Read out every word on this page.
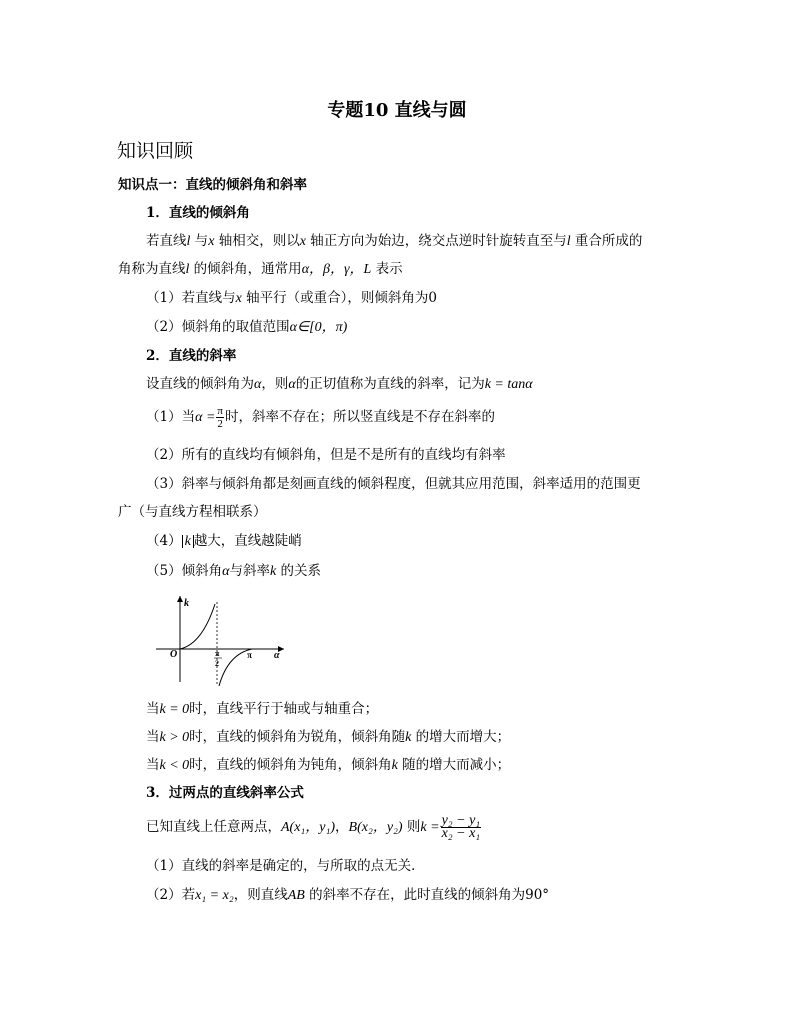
专题10 直线与圆
知识回顾
知识点一：直线的倾斜角和斜率
1．直线的倾斜角
若直线l 与x 轴相交，则以x 轴正方向为始边，绕交点逆时针旋转直至与l 重合所成的
角称为直线l 的倾斜角，通常用α，β，γ，L 表示
（1）若直线与x 轴平行（或重合），则倾斜角为0
（2）倾斜角的取值范围α∈[0，π)
2．直线的斜率
设直线的倾斜角为α，则α的正切值称为直线的斜率，记为k = tanα
（1）当$\alpha = \frac{\pi}{2}$ 时，斜率不存在；所以竖直线是不存在斜率的
（2）所有的直线均有倾斜角，但是不是所有的直线均有斜率
（3）斜率与倾斜角都是刻画直线的倾斜程度，但就其应用范围，斜率适用的范围更
广（与直线方程相联系）
（4） k 越大，直线越陡峭
（5）倾斜角α与斜率k 的关系
k
O	π
2
π α
当k = 0时，直线平行于轴或与轴重合；
当k > 0时，直线的倾斜角为锐角，倾斜角随k 的增大而增大；
当k < 0时，直线的倾斜角为钝角，倾斜角k 随的增大而减小；
3．过两点的直线斜率公式
已知直线上任意两点，A(x₁，y₁)，B(x₂，y₂) 则$k = \frac{\text{y₂ − y₁}}{\text{x₂ − x₁}}$
（1）直线的斜率是确定的，与所取的点无关．
（2）若x₁ = x₂，则直线AB 的斜率不存在，此时直线的倾斜角为90°
